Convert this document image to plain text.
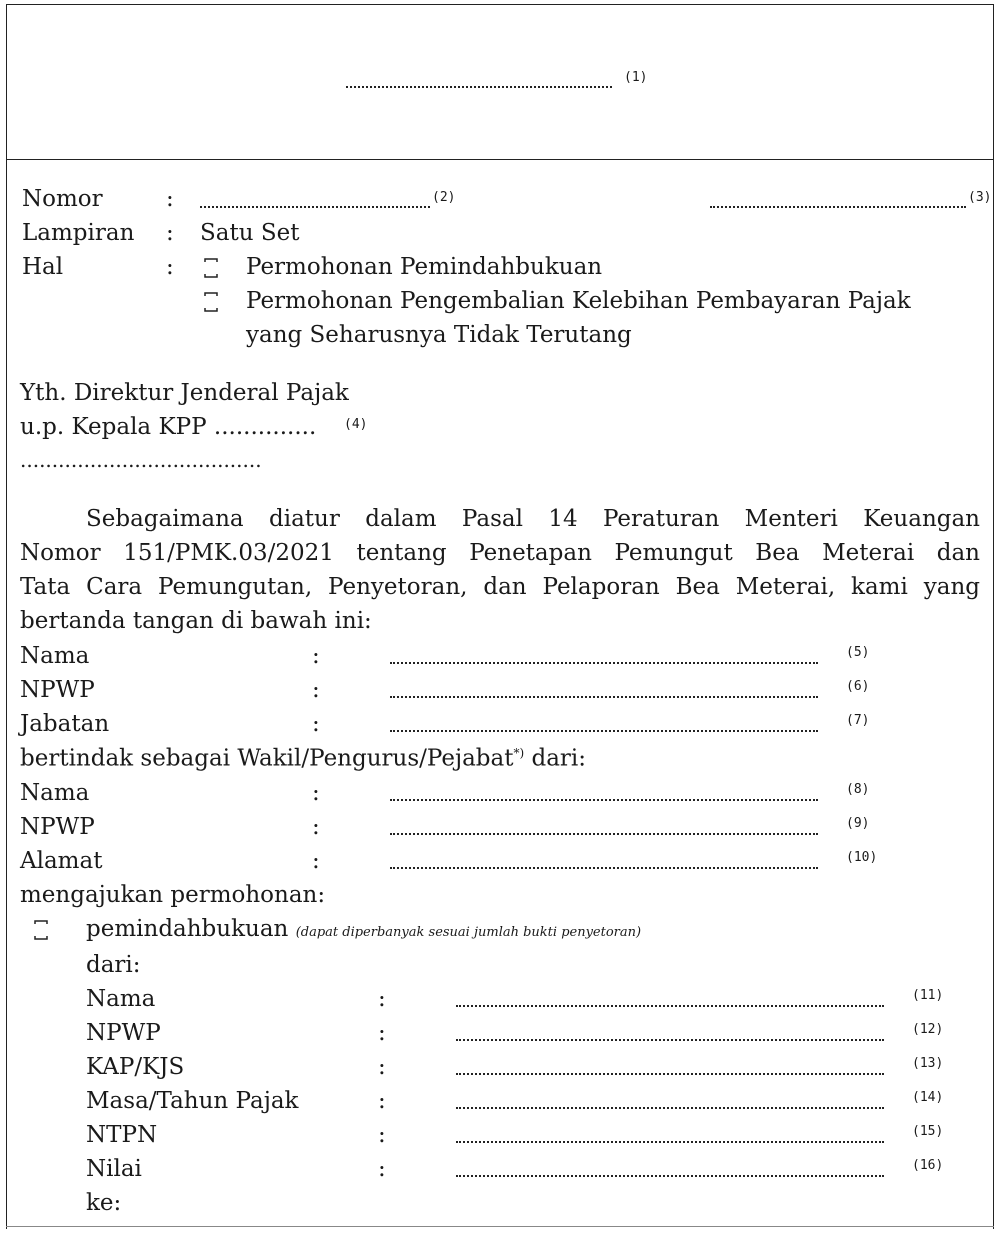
(1)
Nomor	:	(2)	(3)
Lampiran : Satu Set
Hal	:	Permohonan Pemindahbukuan
Permohonan Pengembalian Kelebihan Pembayaran Pajak
yang Seharusnya Tidak Terutang
Yth. Direktur Jenderal Pajak
u.p. Kepala KPP .............. (4)
......................................
Sebagaimana diatur dalam Pasal 14 Peraturan Menteri Keuangan
Nomor 151/PMK.03/2021 tentang Penetapan Pemungut Bea Meterai dan
Tata Cara Pemungutan, Penyetoran, dan Pelaporan Bea Meterai, kami yang
bertanda tangan di bawah ini:
Nama	:	(5)
NPWP	:	(6)
Jabatan	:	(7)
bertindak sebagai Wakil/Pengurus/Pejabat*) dari:
Nama	:	(8)
NPWP	:	(9)
Alamat	:	(10)
mengajukan permohonan:
pemindahbukuan (dapat diperbanyak sesuai jumlah bukti penyetoran)
dari:
Nama	:	(11)
NPWP	:	(12)
KAP/KJS	:	(13)
Masa/Tahun Pajak	:	(14)
NTPN	:	(15)
Nilai	:	(16)
ke:
